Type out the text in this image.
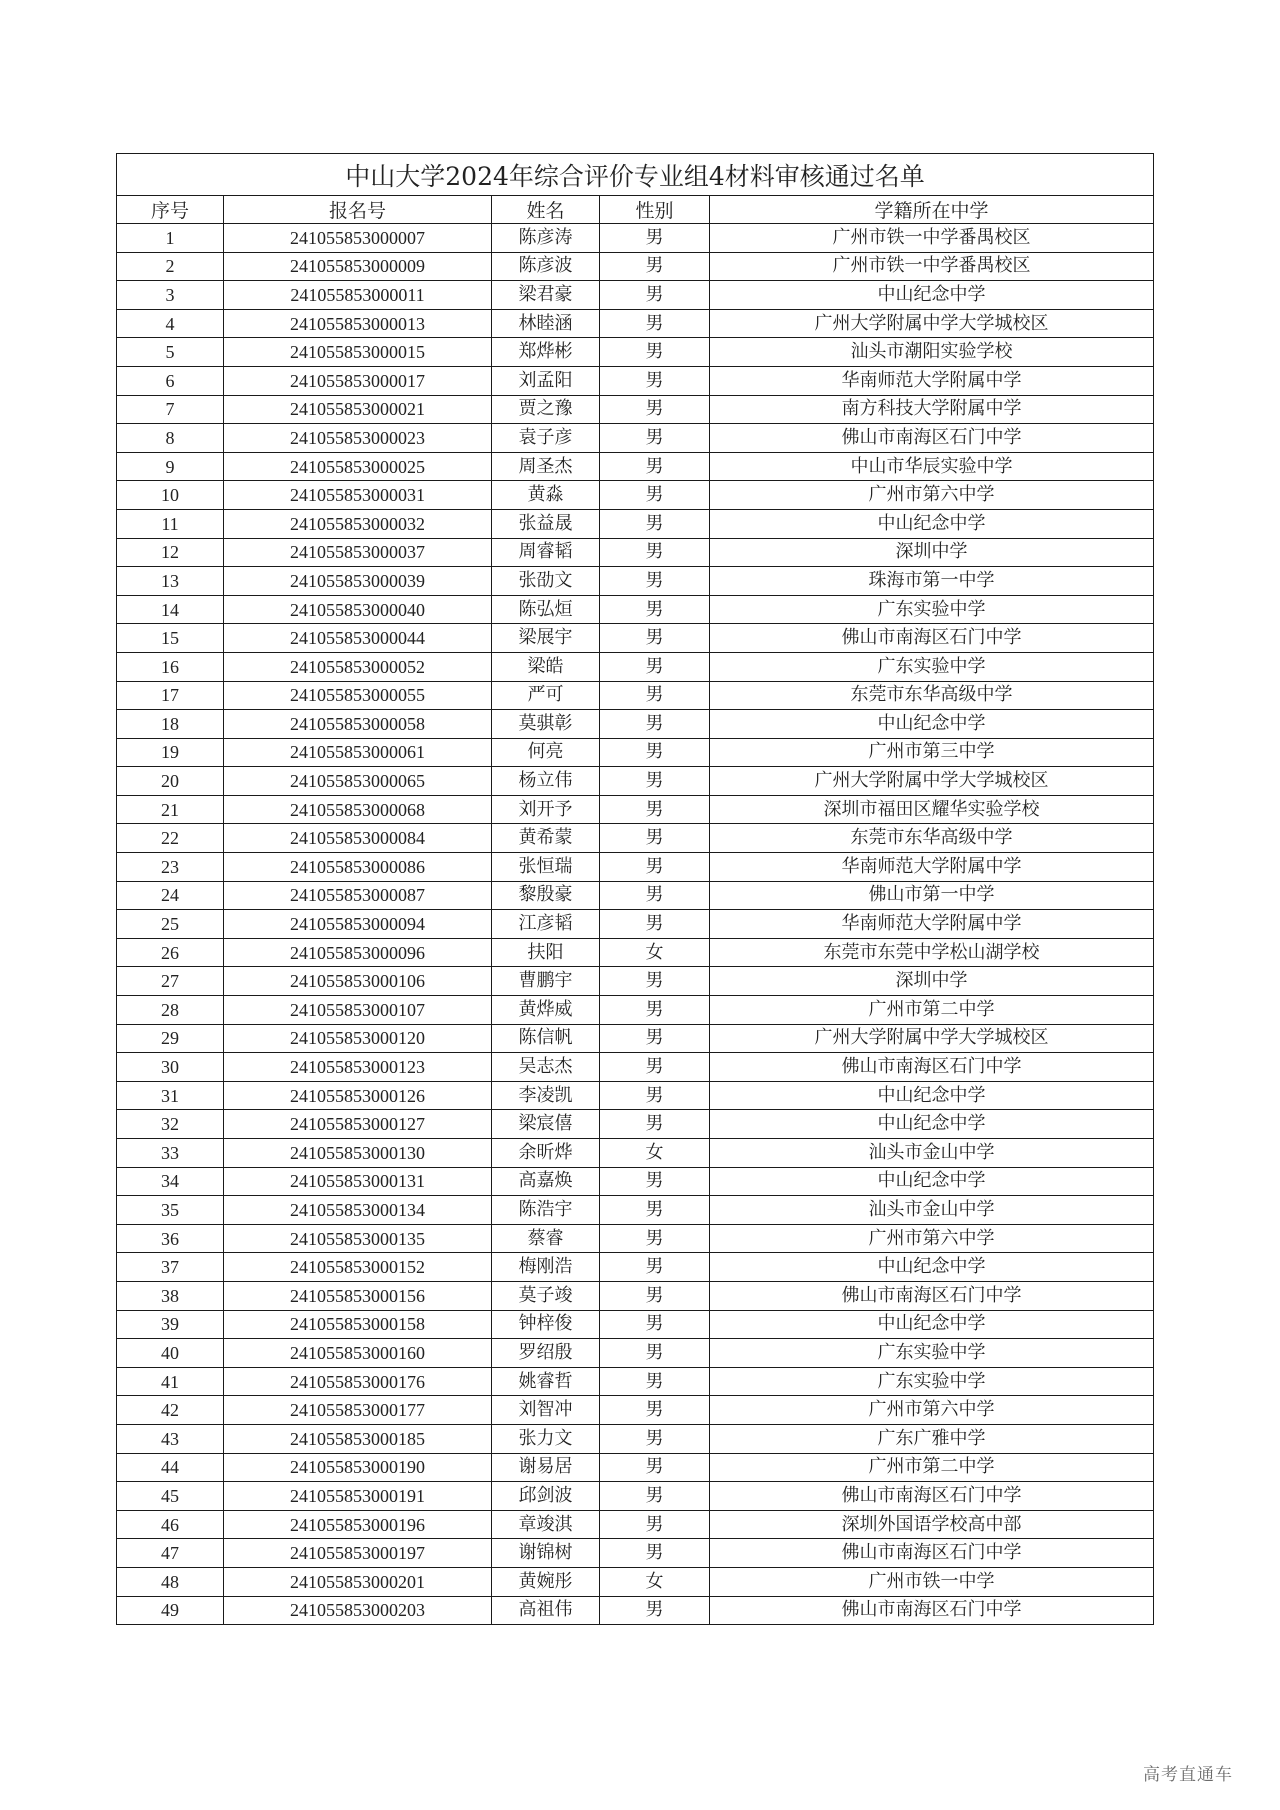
中山大学2024年综合评价专业组4材料审核通过名单				
序号	报名号	姓名	性别	学籍所在中学
1	241055853000007	陈彦涛	男	广州市铁一中学番禺校区
2	241055853000009	陈彦波	男	广州市铁一中学番禺校区
3	241055853000011	梁君豪	男	中山纪念中学
4	241055853000013	林睦涵	男	广州大学附属中学大学城校区
5	241055853000015	郑烨彬	男	汕头市潮阳实验学校
6	241055853000017	刘孟阳	男	华南师范大学附属中学
7	241055853000021	贾之豫	男	南方科技大学附属中学
8	241055853000023	袁子彦	男	佛山市南海区石门中学
9	241055853000025	周圣杰	男	中山市华辰实验中学
10	241055853000031	黄淼	男	广州市第六中学
11	241055853000032	张益晟	男	中山纪念中学
12	241055853000037	周睿韬	男	深圳中学
13	241055853000039	张劭文	男	珠海市第一中学
14	241055853000040	陈弘烜	男	广东实验中学
15	241055853000044	梁展宇	男	佛山市南海区石门中学
16	241055853000052	梁皓	男	广东实验中学
17	241055853000055	严可	男	东莞市东华高级中学
18	241055853000058	莫骐彰	男	中山纪念中学
19	241055853000061	何亮	男	广州市第三中学
20	241055853000065	杨立伟	男	广州大学附属中学大学城校区
21	241055853000068	刘开予	男	深圳市福田区耀华实验学校
22	241055853000084	黄希蒙	男	东莞市东华高级中学
23	241055853000086	张恒瑞	男	华南师范大学附属中学
24	241055853000087	黎殷豪	男	佛山市第一中学
25	241055853000094	江彦韬	男	华南师范大学附属中学
26	241055853000096	扶阳	女	东莞市东莞中学松山湖学校
27	241055853000106	曹鹏宇	男	深圳中学
28	241055853000107	黄烨威	男	广州市第二中学
29	241055853000120	陈信帆	男	广州大学附属中学大学城校区
30	241055853000123	吴志杰	男	佛山市南海区石门中学
31	241055853000126	李凌凯	男	中山纪念中学
32	241055853000127	梁宸僖	男	中山纪念中学
33	241055853000130	余昕烨	女	汕头市金山中学
34	241055853000131	高嘉焕	男	中山纪念中学
35	241055853000134	陈浩宇	男	汕头市金山中学
36	241055853000135	蔡睿	男	广州市第六中学
37	241055853000152	梅刚浩	男	中山纪念中学
38	241055853000156	莫子竣	男	佛山市南海区石门中学
39	241055853000158	钟梓俊	男	中山纪念中学
40	241055853000160	罗绍殷	男	广东实验中学
41	241055853000176	姚睿哲	男	广东实验中学
42	241055853000177	刘智冲	男	广州市第六中学
43	241055853000185	张力文	男	广东广雅中学
44	241055853000190	谢易居	男	广州市第二中学
45	241055853000191	邱剑波	男	佛山市南海区石门中学
46	241055853000196	章竣淇	男	深圳外国语学校高中部
47	241055853000197	谢锦树	男	佛山市南海区石门中学
48	241055853000201	黄婉彤	女	广州市铁一中学
49	241055853000203	高祖伟	男	佛山市南海区石门中学
高考直通车
